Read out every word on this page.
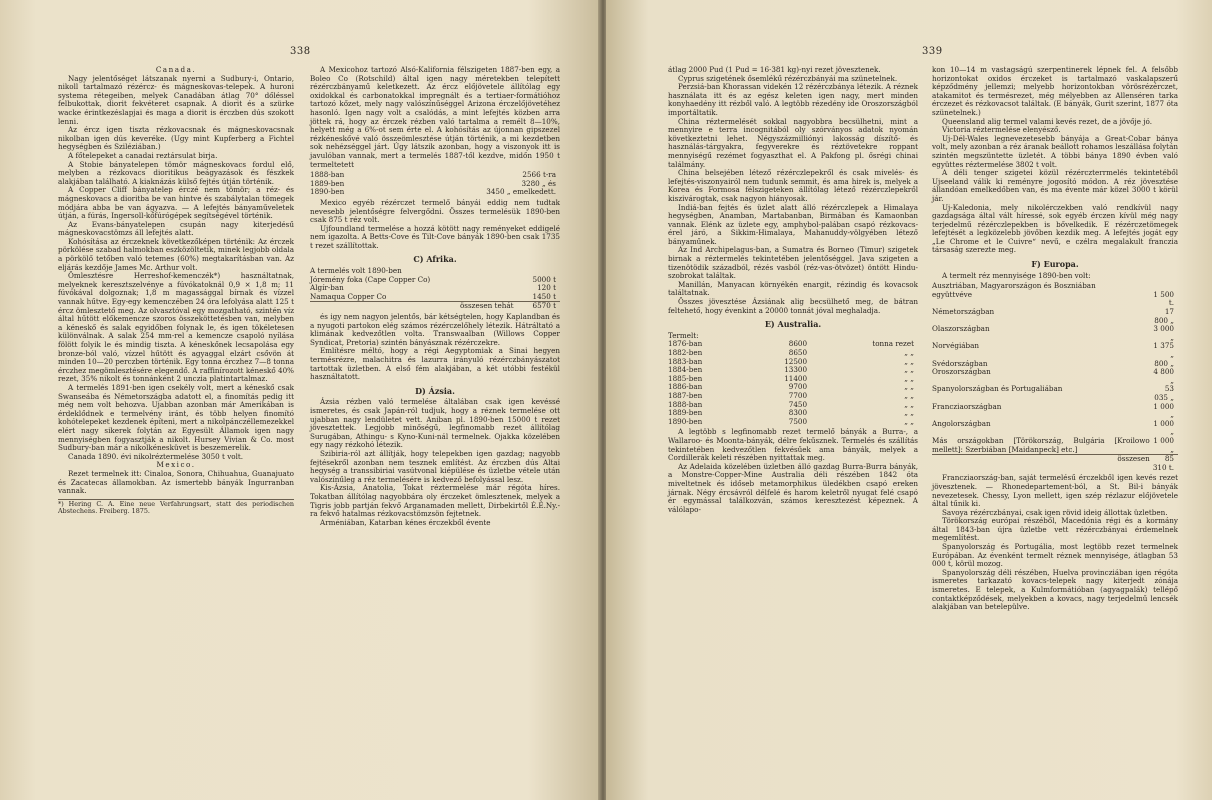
338

Canada.

Nagy jelentőséget látszanak nyerni a Sudbury-i, Ontario, nikoll tartalmazó rézércz- és mágneskovas-telepek. A huroni systema rétegeiben, melyek Canadában átlag 70° dőléssel felbukottak, diorit fekvéteret csapnak. A diorit és a szürke wacke érintkezéslapjai és maga a diorit is érczben dús szokott lenni.

Az ércz igen tiszta rézkovacsnak és mágneskovacsnak nikolban igen dús keveréke. (Ugy mint Kupferberg a Fichtel hegységben és Sziléziában.)

A főtelepeket a canadai reztársulat birja.

A Stobie bányatelepen tömör mágneskovacs fordul elő, melyben a rézkovacs dioritikus beágyazások és fészkek alakjában található. A kiaknázás külső fejtés útján történik.

A Copper Cliff bányatelep érczé nem tömör; a réz- és mágneskovacs a dioritba be van hintve és szabálytalan tömegek módjára abba be van ágyazva. — A lefejtés bányaműveletek útján, a fúrás, Ingersoll-kőfúrógépek segítségével történik.

Az Evans-bányatelepen csupán nagy kiterjedésű mágneskovacstömzs áll lefejtés alatt.

Kohósítása az érczeknek következőképen történik: Az érczek pörkölése szabad halmokban eszközöltetik, minek legjobb oldala a pörkölő tetőben való tetemes (60%) megtakarításban van. Az eljárás kezdője James Mc. Arthur volt.

Ömlesztésre Herreshof-kemenczék*) használtatnak, melyeknek keresztszelvénye a fúvókatoknál 0,9 × 1,8 m; 11 fúvókával dolgoznak; 1,8 m magassággal bírnak és vízzel vannak hűtve. Egy-egy kemenczében 24 óra lefolyása alatt 125 t ércz ömlesztető meg. Az olvasztóval egy mozgatható, szintén víz által hűtött előkemencze szoros összeköttetésben van, melyben a kéneskő és salak egyidőben folynak le, és igen tökéletesen különválnak. A salak 254 mm-rel a kemencze csapoló nyílása fölött folyik le és mindig tiszta. A kéneskőnek lecsapolása egy bronze-ból való, vízzel hűtött és agyaggal elzárt csővön át minden 10—20 perczben történik. Egy tonna érczhez 7—8 tonna érczhez megömlesztésére elegendő. A raffinírozott kéneskő 40% rezet, 35% nikolt és tonnánként 2 unczia platintartalmaz.

A termelés 1891-ben igen csekély volt, mert a kéneskő csak Swanseába és Németországba adatott el, a finomítás pedig itt még nem volt behozva. Ujabban azonban már Amerikában is érdeklődnek e termelvény iránt, és több helyen finomító kohótelepeket kezdenek építeni, mert a nikolpánczéllemezekkel elért nagy sikerek folytán az Egyesült Államok igen nagy mennyiségben fogyasztják a nikolt. Hursey Vivian & Co. most Sudbury-ban már a nikolkénesküvet is beszemerelik.

Canada 1890. évi nikolréztermelése 3050 t volt.

Mexico.

Rezet termelnek itt: Cinaloa, Sonora, Chihuahua, Guanajuato és Zacatecas államokban. Az ismertebb bányák Ingurranban vannak.

*) Hering C. A. Eine neue Verfahrungsart, statt des periodischen Abstechens. Freiberg. 1875.

A Mexicohoz tartozó Alsó-Kalifornia félszigeten 1887-ben egy, a Boleo Co (Rotschild) által igen nagy méretekben telepített rézérczbányamű keletkezett. Az ércz előjövetele állítólag egy oxidokkal és carbonatokkal impregnált és a tertiaer-formátióhoz tartozó kőzet, mely nagy valószínűséggel Arizona érczelőjövetéhez hasonló. Igen nagy volt a csalódás, a mint lefejtés közben arra jöttek rá, hogy az érczek rézben való tartalma a remélt 8—10%, helyett még a 6%-ot sem érte el. A kohósítás az újonnan gipszezel rézkéneskővé való összeömlesztése útján történik, a mi kezdetben sok nehézséggel járt. Úgy látszik azonban, hogy a viszonyok itt is javulóban vannak, mert a termelés 1887-től kezdve, midőn 1950 t termeltetett

1888-ban	2566 t-ra
1889-ben	3280 „ és
1890-ben	3450 „ emelkedett.

Mexico egyéb rézérczet termelő bányái eddig nem tudtak nevesebb jelentőségre felvergődni. Összes termelésük 1890-ben csak 875 t réz volt.

Ujfoundland termelése a hozzá kötött nagy reményeket eddigelé nem igazolta. A Betts-Cove és Tilt-Cove bányák 1890-ben csak 1735 t rezet szállítottak.

C) Afrika.

A termelés volt 1890-ben	
Jóremény foka (Cape Copper Co)	5000 t
Algír-ban	120 t
Namaqua Copper Co	1450 t
összesen tehát	6570 t

és igy nem nagyon jelentős, bár kétségtelen, hogy Kaplandban és a nyugoti partokon elég számos rézérczelőhely létezik. Hátráltató a klimának kedvezőtlen volta. Transwaalban (Willows Copper Syndicat, Pretoria) szintén bányásznak rézérczekre.

Említésre méltó, hogy a régi Aegyptomiak a Sinai hegyen termésrézre, malachitra és lazurra irányuló rézérczbányászatot tartottak üzletben. A első fém alakjában, a két utóbbi festékül használtatott.

D) Ázsia.

Ázsia rézben való termelése általában csak igen kevéssé ismeretes, és csak Japán-ról tudjuk, hogy a réznek termelése ott ujabban nagy lendületet vett. Aniban pl. 1890-ben 15000 t rezet jövesztettek. Legjobb minőségű, legfinomabb rezet állítólag Surugában, Athingu- s Kyno-Kuni-nál termelnek. Ojakka közelében egy nagy rézkohó létezik.

Szibiria-ról azt állítják, hogy telepekben igen gazdag; nagyobb fejtésekről azonban nem tesznek említést. Az érczben dús Altai hegység a transsibiriai vasútvonal kiépülése és üzletbe vétele után valószínűleg a réz termelésére is kedvező befolyással lesz.

Kis-Ázsia, Anatolia, Tokat réztermelése már régóta híres. Tokatban állítólag nagyobbára oly érczeket ömlesztenek, melyek a Tigris jobb partján fekvő Arganamaden mellett, Dirbekirtől É.É.Ny.-ra fekvő hatalmas rézkovacstömzsön fejtetnek.

Arméniában, Katarban kénes érczekből évente

339

átlag 2000 Pud (1 Pud = 16·381 kg)-nyi rezet jövesztenek.

Cyprus szigetének ősemlékű rézérczbányái ma szünetelnek.

Perzsiá-ban Khorassan videkén 12 rézérczbánya létezik. A réznek használata itt és az egész keleten igen nagy, mert minden konyhaedény itt rézből való. A legtöbb rézedény ide Oroszországból importáltatik.

China réztermelését sokkal nagyobbra becsülhetni, mint a mennyire e terra incognitából oly szórványos adatok nyomán következtetni lehet. Négyszázmilliónyi lakosság díszítő- és használás-tárgyakra, fegyverekre és réztövetekre roppant mennyiségű rezémet fogyaszthat el. A Pakfong pl. ősrégi chinai találmány.

China belsejében létező rézérczlepekről és csak mivelés- és lefejtés-viszonyairól nem tudunk semmit, és ama hirek is, melyek a Korea és Formosa félszigeteken állítólag létező rézérczlepekről kiszivárogtak, csak nagyon hiányosak.

Indiá-ban fejtés és üzlet alatt álló rézérczlepek a Himalaya hegységben, Anamban, Martabanban, Birmában és Kamaonban vannak. Elénk az üzlete egy, amphybol-palában csapó rézkovacs-érel járó, a Sikkim-Himalaya, Mahanuddy-völgyében létező bányaműnek.

Az Ind Archipelagus-ban, a Sumatra és Borneo (Timur) szigetek birnak a réztermelés tekintetében jelentőséggel. Java szigeten a tizenötödik századból, rézés vasból (réz-vas-ötvözet) öntött Hindu-szobrokat találtak.

Manillán, Manyacan környékén enargit, rézindig és kovacsok találtatnak.

Összes jövesztése Ázsiának alig becsülhető meg, de bátran feltehető, hogy évenkint a 20000 tonnát jóval meghaladja.

E) Australia.

Termelt:		
1876-ban	8600	tonna rezet
1882-ben	8650	„ „
1883-ban	12500	„ „
1884-ben	13300	„ „
1885-ben	11400	„ „
1886-ban	9700	„ „
1887-ben	7700	„ „
1888-ban	7450	„ „
1889-ben	8300	„ „
1890-ben	7500	„ „

A legtöbb s legfinomabb rezet termelő bányák a Burra-, a Wallaroo- és Moonta-bányák, délre fekűsznek. Termelés és szállítás tekintetében kedvezőtlen fekvésűek ama bányák, melyek a Cordillerák keleti részében nyittattak meg.

Az Adelaida közelében üzletben álló gazdag Burra-Burra bányák, a Monstre-Copper-Mine Australia déli részében 1842 óta miveltetnek és időseb metamorphikus üledékben csapó ereken járnak. Négy ércsávról délfelé és harom keletről nyugat felé csapó ér egymással találkozván, számos keresztezést képeznek. A válólapo-

kon 10—14 m vastagságú szerpentinerek lépnek fel. A felsőbb horizontokat oxidos érczeket is tartalmazó vaskalapszerű képződmény jellemzi; melyebb horizontokban vörösrézérczet, atakamitot és termésrezet, még mélyebben az Allenséren tarka érczezet és rézkovacsot találtak. (E bányák, Gurit szerint, 1877 óta szünetelnek.)

Queensland alig termel valami kevés rezet, de a jövője jó.

Victoria réztermelése elenyésző.

Uj-Dél-Wales legnevezetesebb bányája a Great-Cobar bánya volt, mely azonban a réz áranak beállott rohamos leszállása folytán szintén megszüntette üzletét. A többi bánya 1890 évben való együttes réztermelése 3802 t volt.

A déli tenger szigetei közül rézérczterrmelés tekintetéből Ujseeland válik ki reményre jogosító módon. A réz jövesztése állandóan emelkedőben van, és ma évente már közel 3000 t körül jár.

Uj-Kaledonia, mely nikolérczekben való rendkívül nagy gazdagsága által vált híressé, sok egyéb érczen kívül még nagy terjedelmű rézérczlepekben is bővelkedik. E rézérczetömegek lefejtését a legközelebb jövőben kezdik meg. A lefejtés jogát egy „Le Chrome et le Cuivre“ nevű, e czélra megalakult franczia társaság szerezte meg.

F) Europa.

A termelt réz mennyisége 1890-ben volt:

Ausztriában, Magyarországon és Boszniában	
együttvéve	1 500 t.
Németországban	17 800 „
Olaszországban	3 000 „
Norvégiában	1 375 „
Svédországban	800 „
Oroszországban	4 800 „
Spanyolországban és Portugaliában	53 035 „
Francziaországban	1 000 „
Angolországban	1 000 „
Más országokban [Törökország, Bulgária [Kroilowo mellett]: Szerbiában [Maidanpeck] etc.]	1 000 „
összesen	85 310 t.

Francziaország-ban, saját termelésű érczekből igen kevés rezet jövesztenek. — Rhonedepartement-ból, a St. Bil-i bányák nevezetesek. Chessy, Lyon mellett, igen szép rézlazur előjövetele által tűnik ki.

Savoya rézérczbányai, csak igen rövid ideig állottak üzletben.

Törökország európai részéből, Macedónia régi és a kormány által 1843-ban újra üzletbe vett rézérczbányai érdemelnek megemlítést.

Spanyolország és Portugália, most legtöbb rezet termelnek Európában. Az évenként termelt réznek mennyisége, átlagban 53 000 t, körül mozog.

Spanyolország déli részében, Huelva provincziában igen régóta ismeretes tarkazató kovacs-telepek nagy kiterjedt zónája ismeretes. E telepek, a Kulmformátióban (agyagpalák) tellépő contaktképződések, melyekben a kovacs, nagy terjedelmű lencsék alakjában van betelepülve.
